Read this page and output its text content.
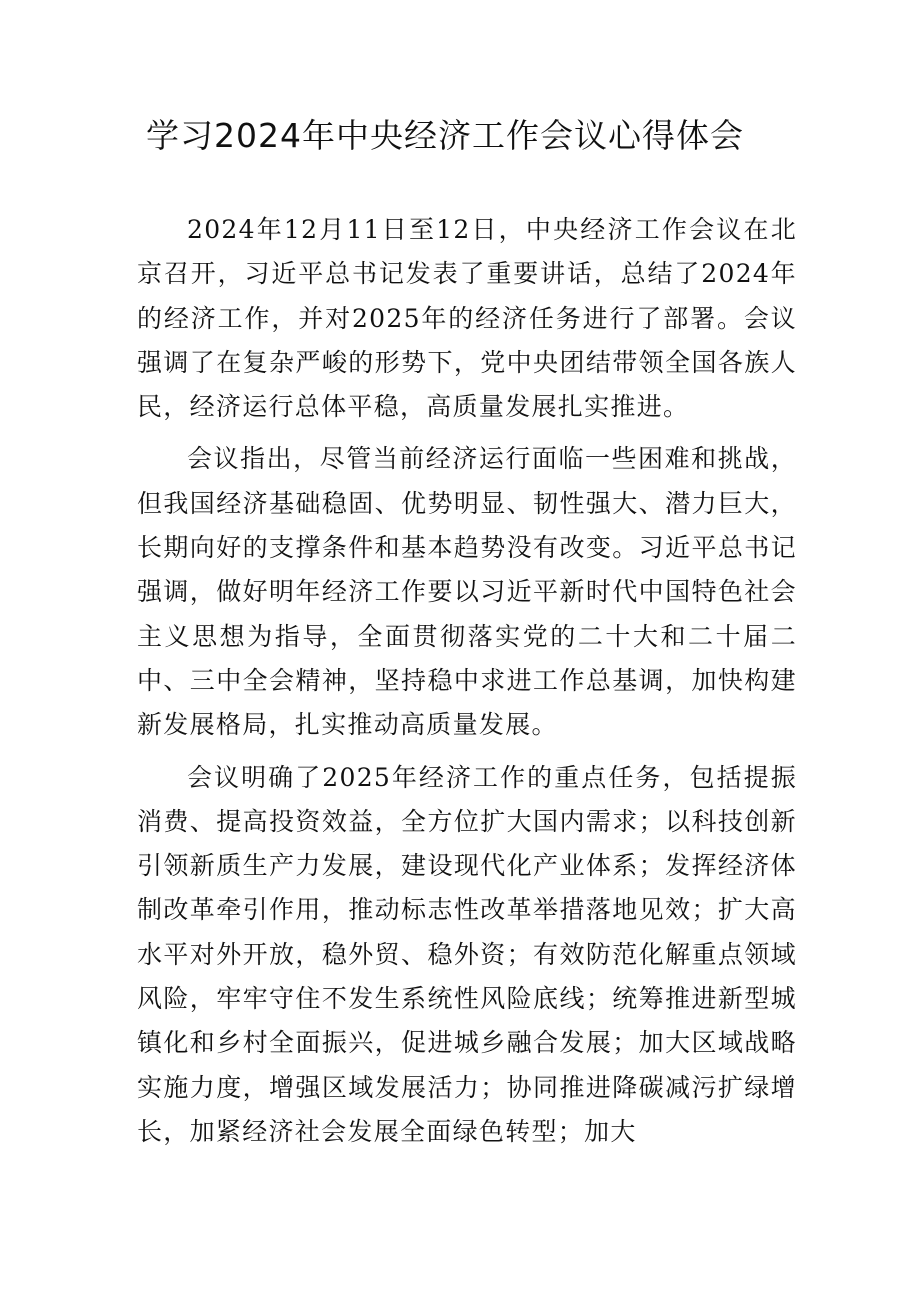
学习2024年中央经济工作会议心得体会

2024年12月11日至12日，中央经济工作会议在北京召开，习近平总书记发表了重要讲话，总结了2024年的经济工作，并对2025年的经济任务进行了部署。会议强调了在复杂严峻的形势下，党中央团结带领全国各族人民，经济运行总体平稳，高质量发展扎实推进。

会议指出，尽管当前经济运行面临一些困难和挑战，但我国经济基础稳固、优势明显、韧性强大、潜力巨大，长期向好的支撑条件和基本趋势没有改变。习近平总书记强调，做好明年经济工作要以习近平新时代中国特色社会主义思想为指导，全面贯彻落实党的二十大和二十届二中、三中全会精神，坚持稳中求进工作总基调，加快构建新发展格局，扎实推动高质量发展。

会议明确了2025年经济工作的重点任务，包括提振消费、提高投资效益，全方位扩大国内需求；以科技创新引领新质生产力发展，建设现代化产业体系；发挥经济体制改革牵引作用，推动标志性改革举措落地见效；扩大高水平对外开放，稳外贸、稳外资；有效防范化解重点领域风险，牢牢守住不发生系统性风险底线；统筹推进新型城镇化和乡村全面振兴，促进城乡融合发展；加大区域战略实施力度，增强区域发展活力；协同推进降碳减污扩绿增长，加紧经济社会发展全面绿色转型；加大
